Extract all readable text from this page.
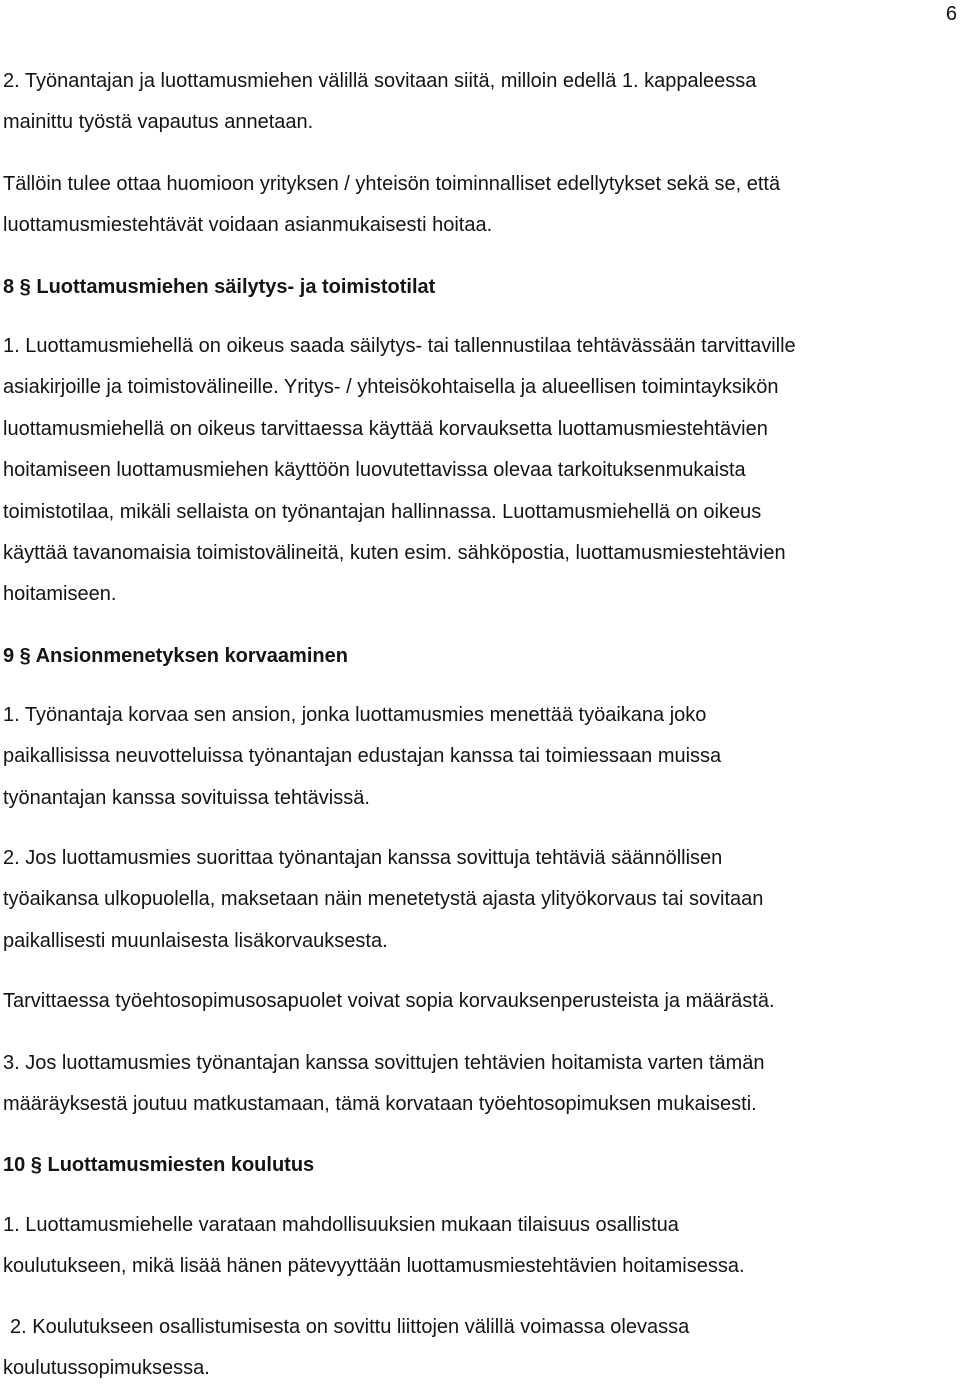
6
2. Työnantajan ja luottamusmiehen välillä sovitaan siitä, milloin edellä 1. kappaleessa
mainittu työstä vapautus annetaan.
Tällöin tulee ottaa huomioon yrityksen / yhteisön toiminnalliset edellytykset sekä se, että
luottamusmiestehtävät voidaan asianmukaisesti hoitaa.
8 § Luottamusmiehen säilytys- ja toimistotilat
1. Luottamusmiehellä on oikeus saada säilytys- tai tallennustilaa tehtävässään tarvittaville
asiakirjoille ja toimistovälineille. Yritys- / yhteisökohtaisella ja alueellisen toimintayksikön
luottamusmiehellä on oikeus tarvittaessa käyttää korvauksetta luottamusmiestehtävien
hoitamiseen luottamusmiehen käyttöön luovutettavissa olevaa tarkoituksenmukaista
toimistotilaa, mikäli sellaista on työnantajan hallinnassa. Luottamusmiehellä on oikeus
käyttää tavanomaisia toimistovälineitä, kuten esim. sähköpostia, luottamusmiestehtävien
hoitamiseen.
9 § Ansionmenetyksen korvaaminen
1. Työnantaja korvaa sen ansion, jonka luottamusmies menettää työaikana joko
paikallisissa neuvotteluissa työnantajan edustajan kanssa tai toimiessaan muissa
työnantajan kanssa sovituissa tehtävissä.
2. Jos luottamusmies suorittaa työnantajan kanssa sovittuja tehtäviä säännöllisen
työaikansa ulkopuolella, maksetaan näin menetetystä ajasta ylityökorvaus tai sovitaan
paikallisesti muunlaisesta lisäkorvauksesta.
Tarvittaessa työehtosopimusosapuolet voivat sopia korvauksenperusteista ja määrästä.
3. Jos luottamusmies työnantajan kanssa sovittujen tehtävien hoitamista varten tämän
määräyksestä joutuu matkustamaan, tämä korvataan työehtosopimuksen mukaisesti.
10 § Luottamusmiesten koulutus
1. Luottamusmiehelle varataan mahdollisuuksien mukaan tilaisuus osallistua
koulutukseen, mikä lisää hänen pätevyyttään luottamusmiestehtävien hoitamisessa.
2. Koulutukseen osallistumisesta on sovittu liittojen välillä voimassa olevassa
koulutussopimuksessa.
